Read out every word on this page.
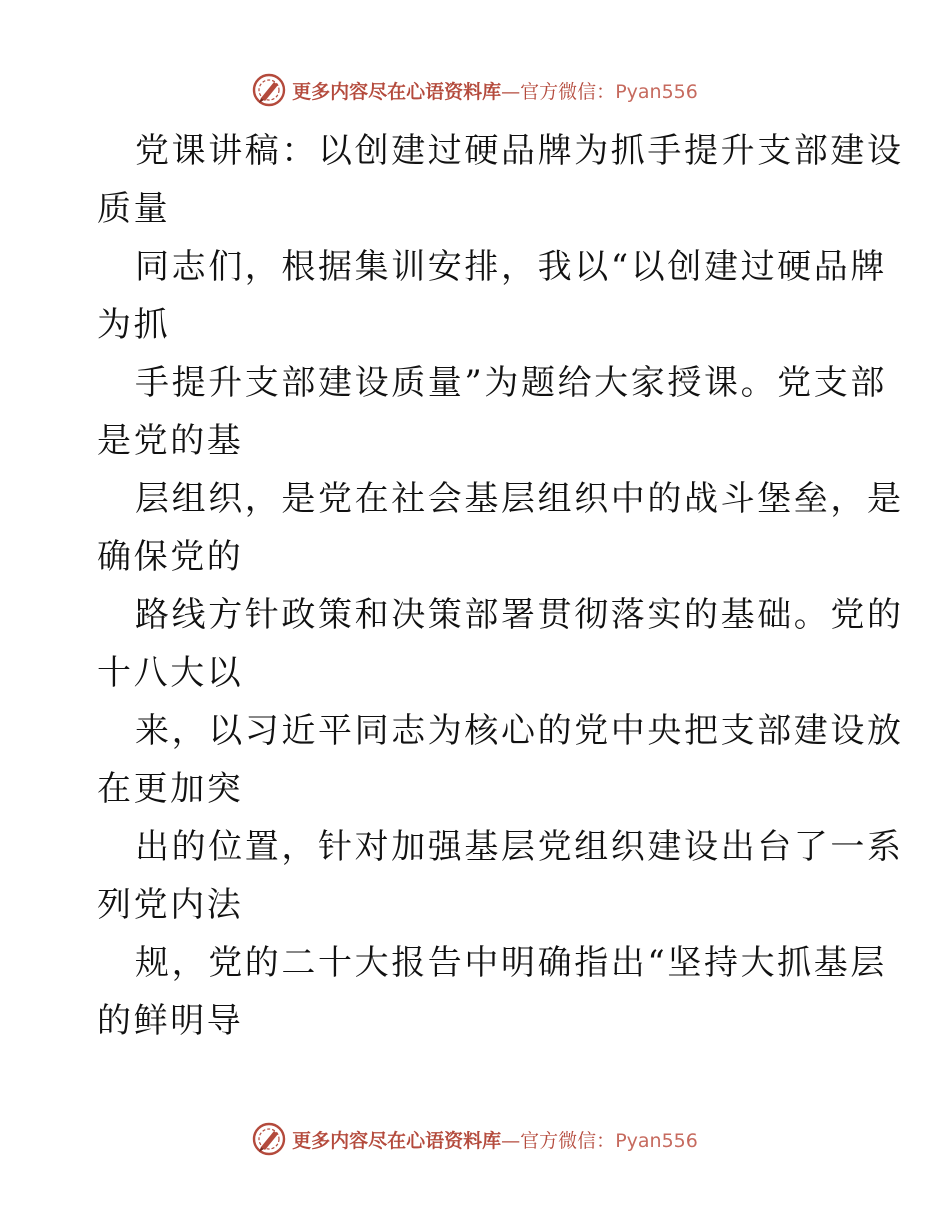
更多内容尽在心语资料库—官方微信：Pyan556
党课讲稿：以创建过硬品牌为抓手提升支部建设
质量
同志们，根据集训安排，我以“以创建过硬品牌
为抓
手提升支部建设质量”为题给大家授课。党支部
是党的基
层组织，是党在社会基层组织中的战斗堡垒，是
确保党的
路线方针政策和决策部署贯彻落实的基础。党的
十八大以
来，以习近平同志为核心的党中央把支部建设放
在更加突
出的位置，针对加强基层党组织建设出台了一系
列党内法
规，党的二十大报告中明确指出“坚持大抓基层
的鲜明导
更多内容尽在心语资料库—官方微信：Pyan556
